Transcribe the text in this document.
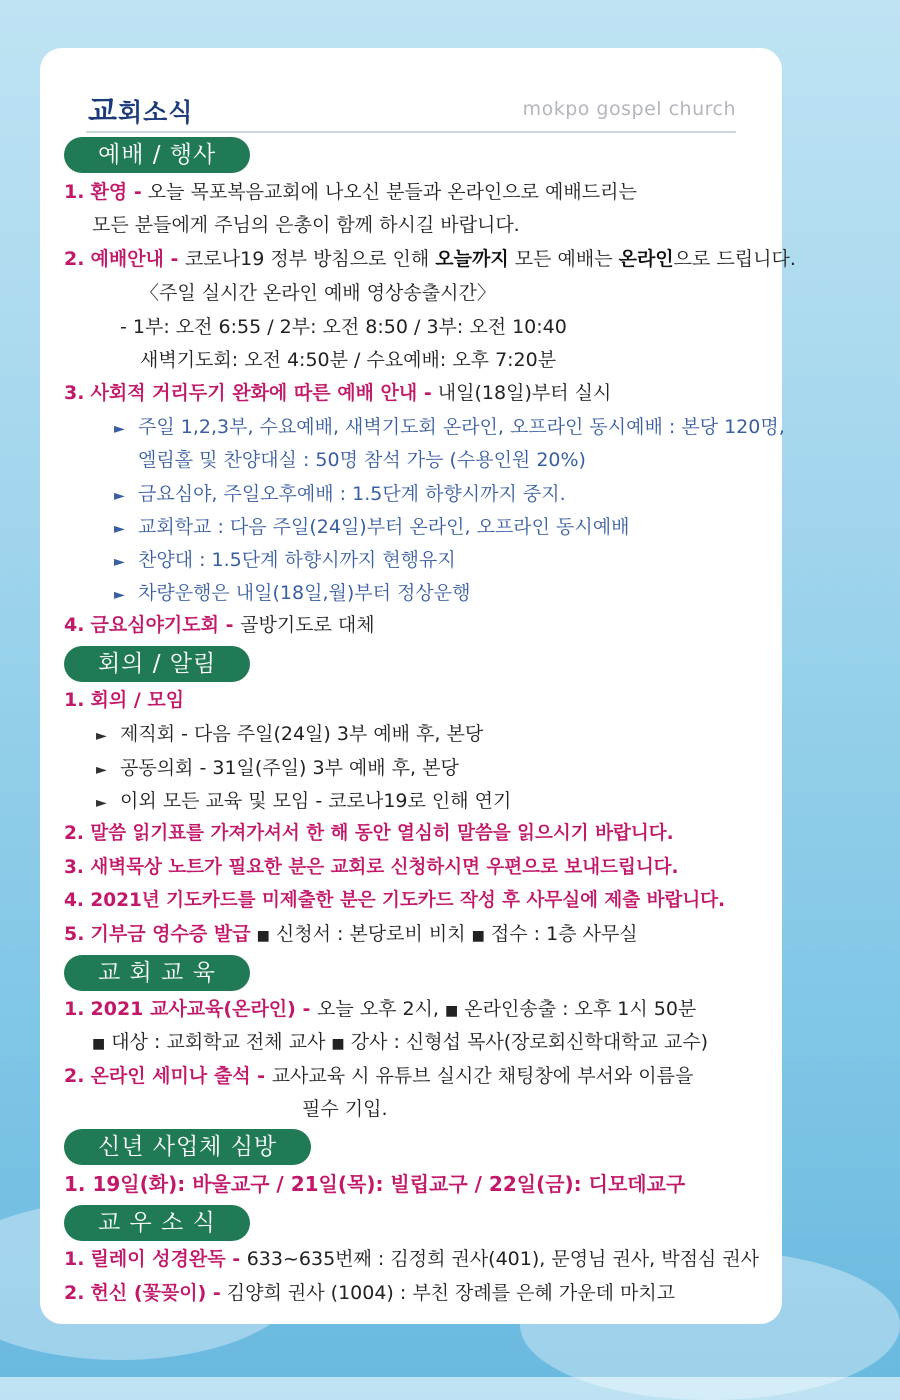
교회소식	mokpo gospel church
예배 / 행사
1. 환영 - 오늘 목포복음교회에 나오신 분들과 온라인으로 예배드리는
모든 분들에게 주님의 은총이 함께 하시길 바랍니다.
2. 예배안내 - 코로나19 정부 방침으로 인해 오늘까지 모든 예배는 온라인으로 드립니다.
〈주일 실시간 온라인 예배 영상송출시간〉
- 1부: 오전 6:55 / 2부: 오전 8:50 / 3부: 오전 10:40
새벽기도회: 오전 4:50분 / 수요예배: 오후 7:20분
3. 사회적 거리두기 완화에 따른 예배 안내 - 내일(18일)부터 실시
► 주일 1,2,3부, 수요예배, 새벽기도회 온라인, 오프라인 동시예배 : 본당 120명,
엘림홀 및 찬양대실 : 50명 참석 가능 (수용인원 20%)
► 금요심야, 주일오후예배 : 1.5단계 하향시까지 중지.
► 교회학교 : 다음 주일(24일)부터 온라인, 오프라인 동시예배
► 찬양대 : 1.5단계 하향시까지 현행유지
► 차량운행은 내일(18일,월)부터 정상운행
4. 금요심야기도회 - 골방기도로 대체
회의 / 알림
1. 회의 / 모임
► 제직회 - 다음 주일(24일) 3부 예배 후, 본당
► 공동의회 - 31일(주일) 3부 예배 후, 본당
► 이외 모든 교육 및 모임 - 코로나19로 인해 연기
2. 말씀 읽기표를 가져가셔서 한 해 동안 열심히 말씀을 읽으시기 바랍니다.
3. 새벽묵상 노트가 필요한 분은 교회로 신청하시면 우편으로 보내드립니다.
4. 2021년 기도카드를 미제출한 분은 기도카드 작성 후 사무실에 제출 바랍니다.
5. 기부금 영수증 발급 ■ 신청서 : 본당로비 비치 ■ 접수 : 1층 사무실
교 회 교 육
1. 2021 교사교육(온라인) - 오늘 오후 2시, ■ 온라인송출 : 오후 1시 50분
■ 대상 : 교회학교 전체 교사 ■ 강사 : 신형섭 목사(장로회신학대학교 교수)
2. 온라인 세미나 출석 - 교사교육 시 유튜브 실시간 채팅창에 부서와 이름을
필수 기입.
신년 사업체 심방
1. 19일(화): 바울교구 / 21일(목): 빌립교구 / 22일(금): 디모데교구
교 우 소 식
1. 릴레이 성경완독 - 633~635번째 : 김정희 권사(401), 문영님 권사, 박점심 권사
2. 헌신 (꽃꽂이) - 김양희 권사 (1004) : 부친 장례를 은혜 가운데 마치고
